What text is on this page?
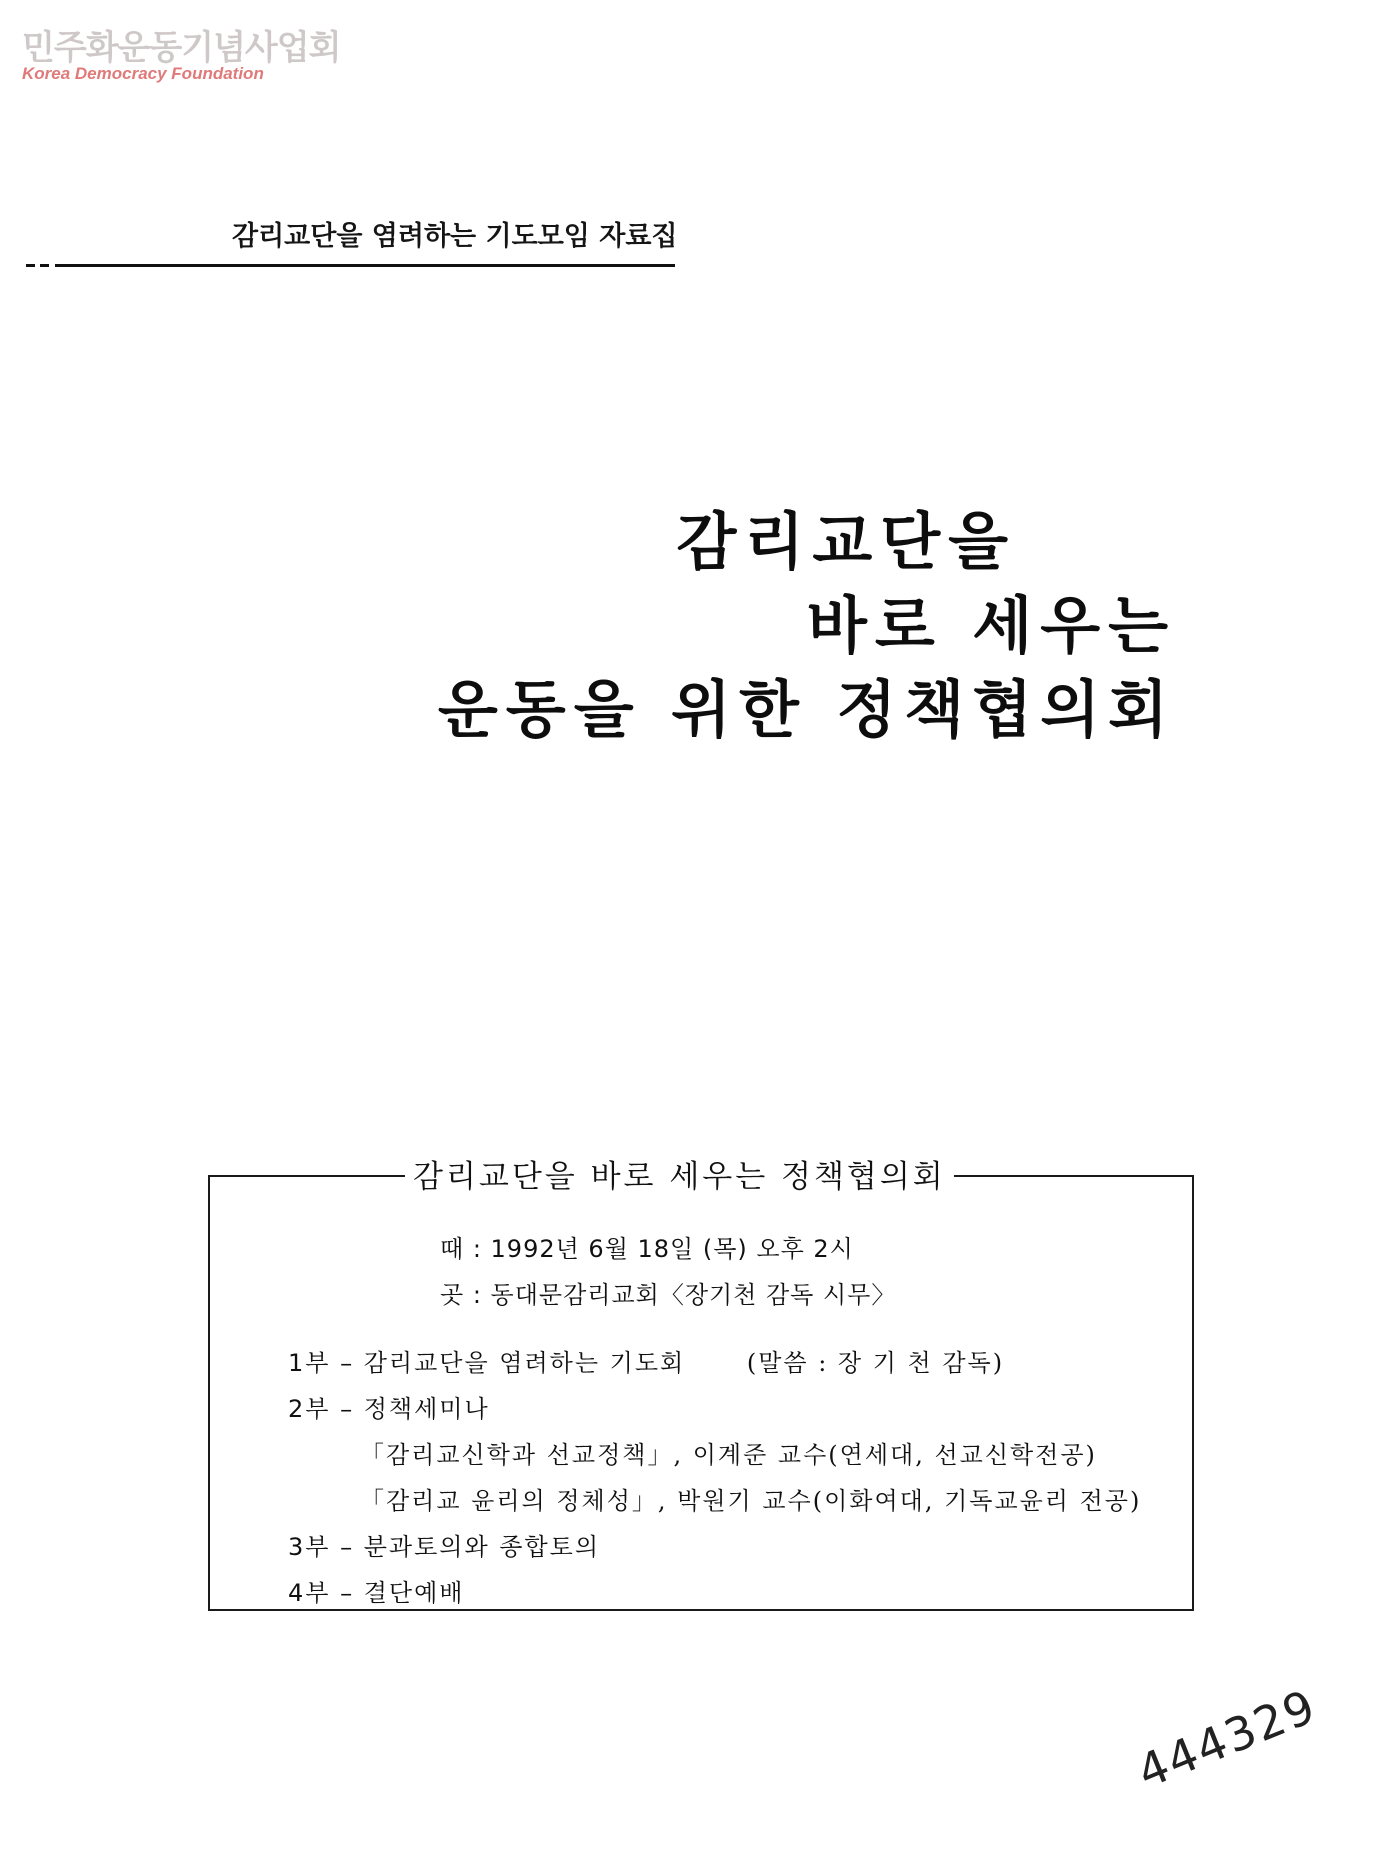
민주화운동기념사업회
Korea Democracy Foundation
감리교단을 염려하는 기도모임 자료집
감리교단을
바로 세우는
운동을 위한 정책협의회
감리교단을 바로 세우는 정책협의회
때 : 1992년 6월 18일 (목) 오후 2시
곳 : 동대문감리교회〈장기천 감독 시무〉
1부 – 감리교단을 염려하는 기도회	(말씀 : 장 기 천 감독)
2부 – 정책세미나
「감리교신학과 선교정책」, 이계준 교수(연세대, 선교신학전공)
「감리교 윤리의 정체성」, 박원기 교수(이화여대, 기독교윤리 전공)
3부 – 분과토의와 종합토의
4부 – 결단예배
444329
